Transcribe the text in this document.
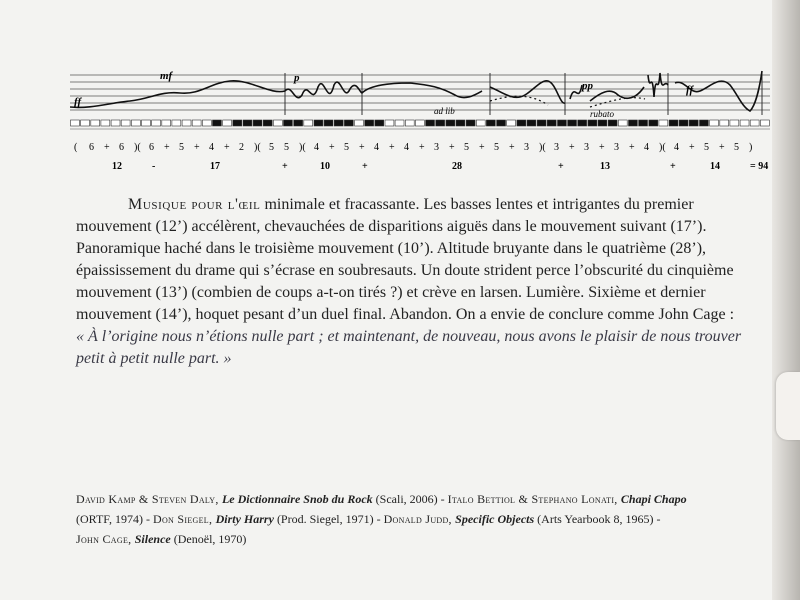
ff
mf	p
pp	ff
ad lib	rubato
( 6 + 6 )( 6 + 5 + 4 + 2 )( 5 5 )( 4 + 5 + 4 + 4 + 3 + 5 + 5 + 3 )( 3 + 3 + 3 + 4 )( 4 + 5 + 5 )
12	-	17	+	10	+	28	+	13	+	14	= 94
Musique pour l'œil minimale et fracassante. Les basses lentes et intrigantes du premier
mouvement (12’) accélèrent, chevauchées de disparitions aiguës dans le mouvement suivant (17’).
Panoramique haché dans le troisième mouvement (10’). Altitude bruyante dans le quatrième (28’),
épaississement du drame qui s’écrase en soubresauts. Un doute strident perce l’obscurité du cinquième
mouvement (13’) (combien de coups a-t-on tirés ?) et crève en larsen. Lumière. Sixième et dernier
mouvement (14’), hoquet pesant d’un duel final. Abandon. On a envie de conclure comme John Cage :
« À l’origine nous n’étions nulle part ; et maintenant, de nouveau, nous avons le plaisir de nous trouver
petit à petit nulle part. »
David Kamp & Steven Daly, Le Dictionnaire Snob du Rock (Scali, 2006) - Italo Bettiol & Stephano Lonati, Chapi Chapo
(ORTF, 1974) - Don Siegel, Dirty Harry (Prod. Siegel, 1971) - Donald Judd, Specific Objects (Arts Yearbook 8, 1965) -
John Cage, Silence (Denoël, 1970)
